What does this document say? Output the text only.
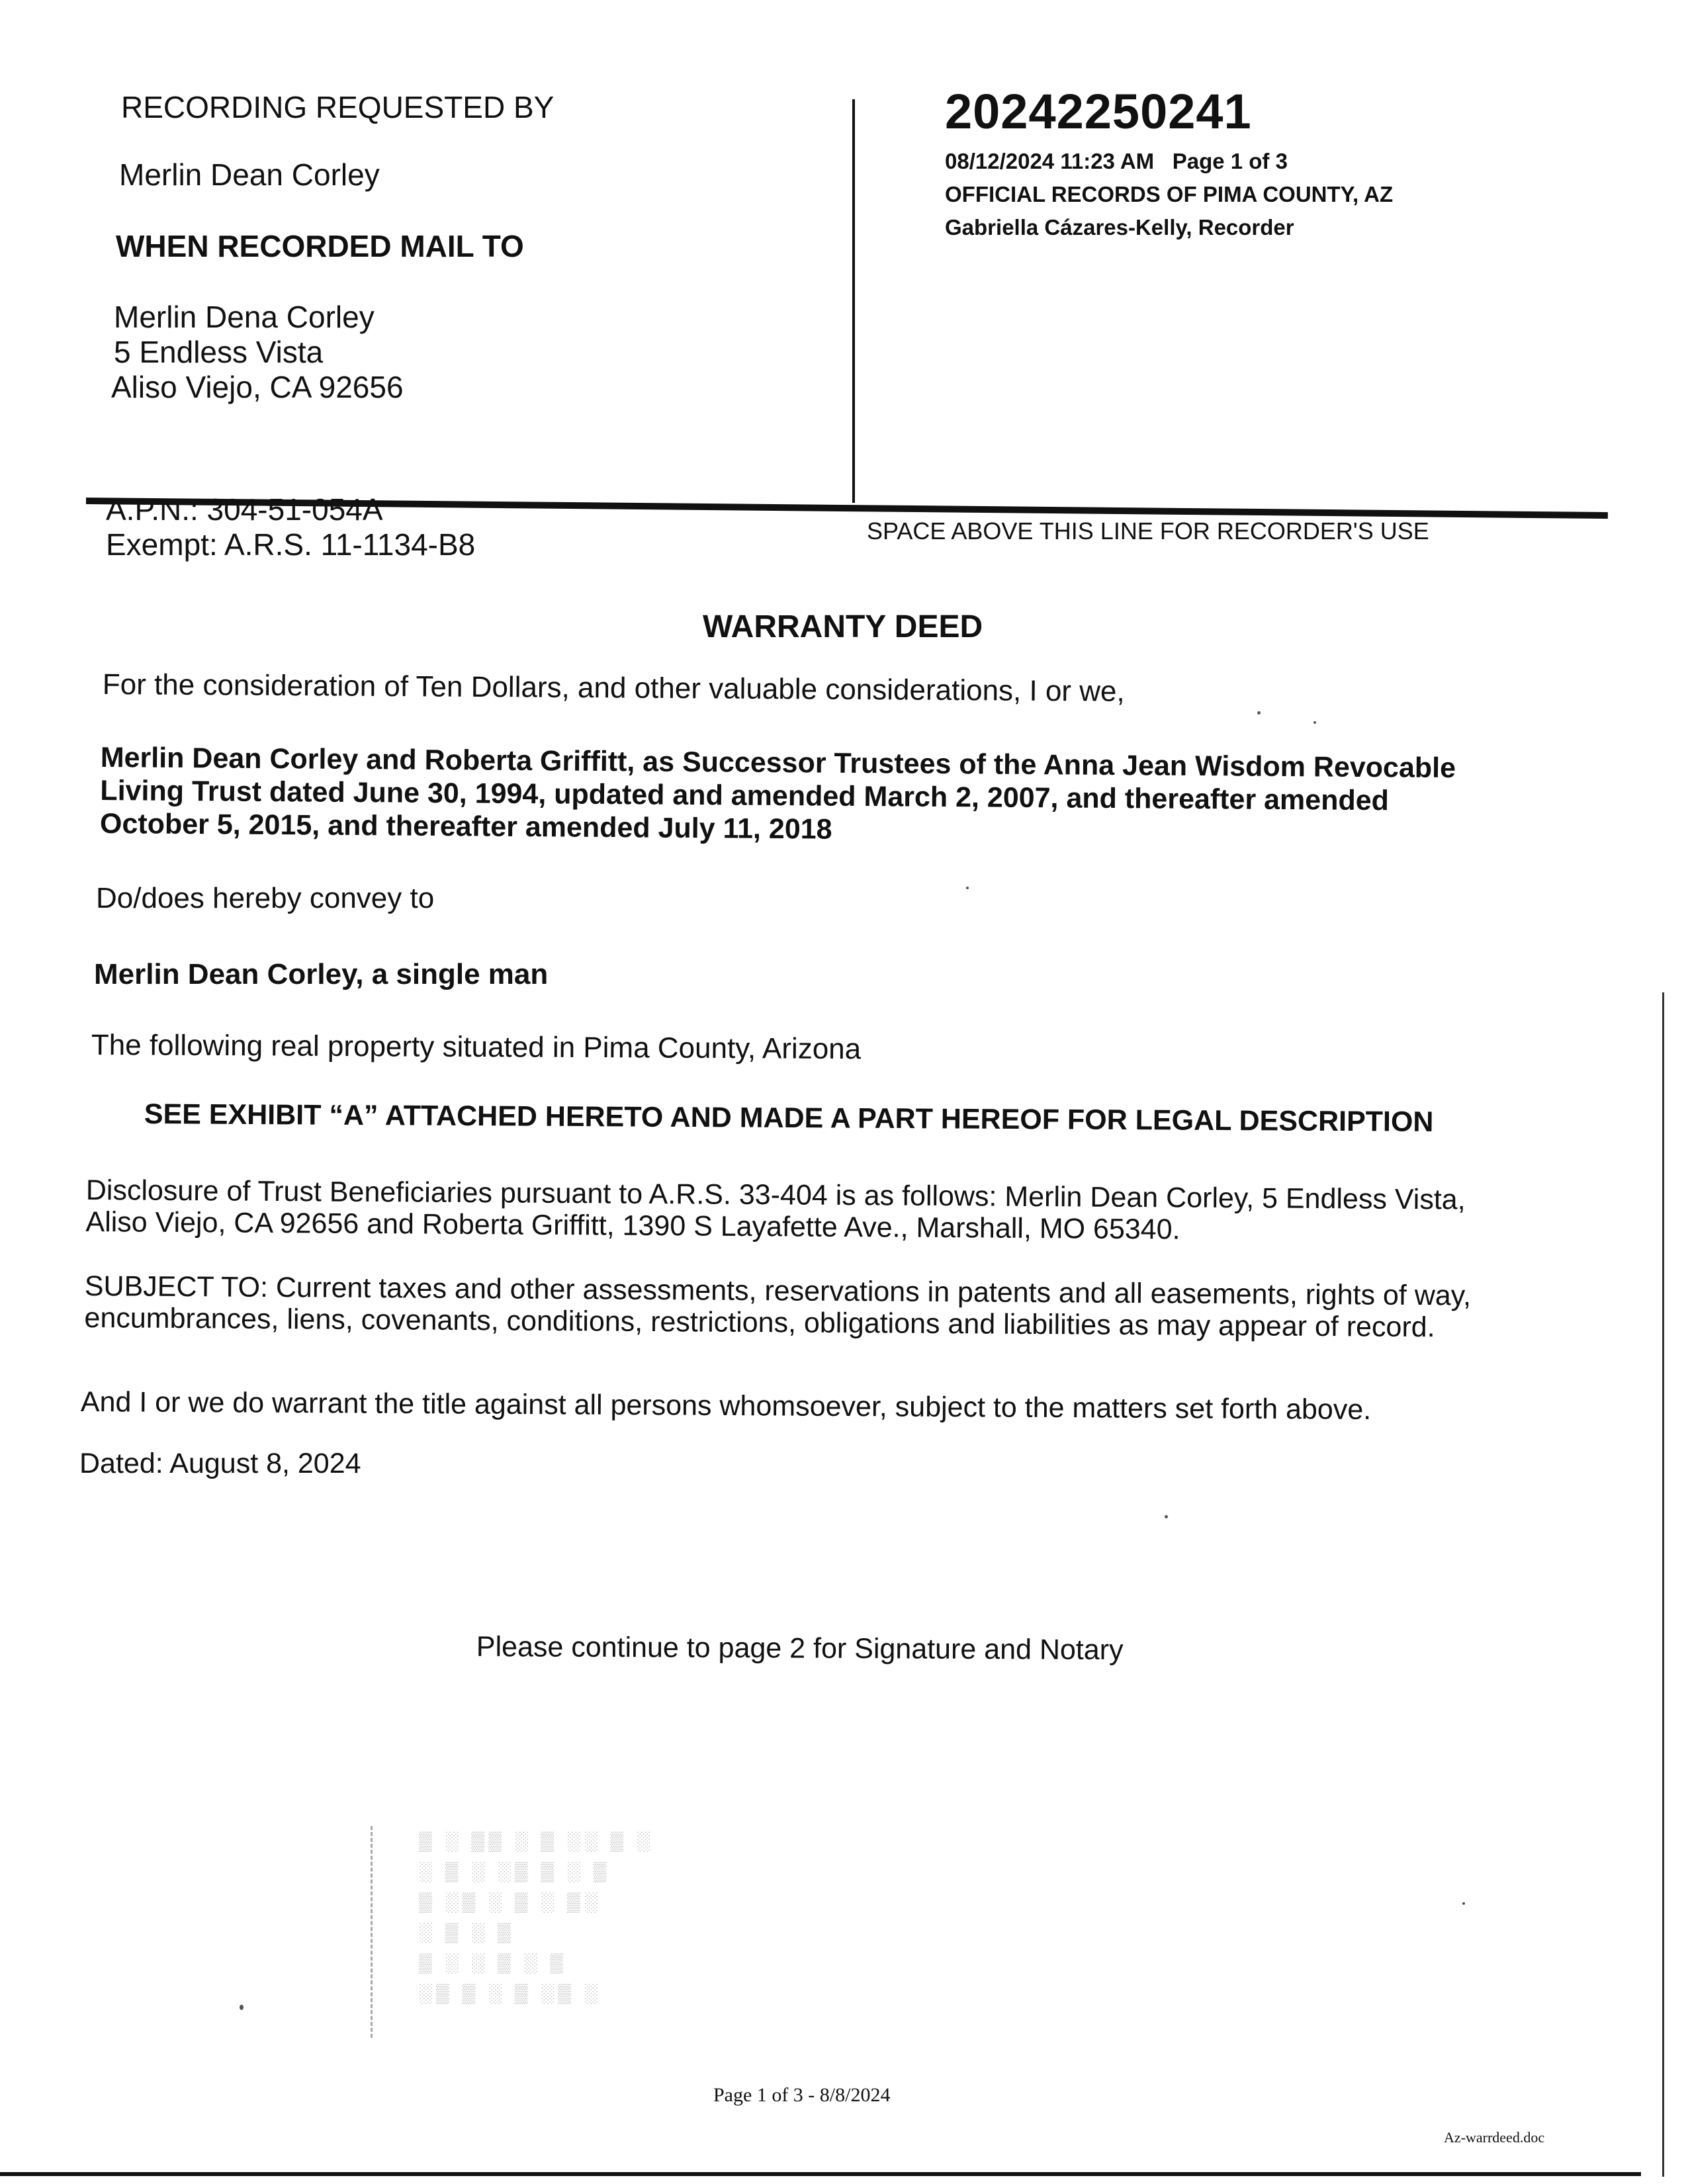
RECORDING REQUESTED BY
Merlin Dean Corley
WHEN RECORDED MAIL TO
Merlin Dena Corley
5 Endless Vista
Aliso Viejo, CA 92656
20242250241
08/12/2024 11:23 AM Page 1 of 3
OFFICIAL RECORDS OF PIMA COUNTY, AZ
Gabriella Cázares-Kelly, Recorder
A.P.N.: 304-51-054A
Exempt: A.R.S. 11-1134-B8	SPACE ABOVE THIS LINE FOR RECORDER'S USE
WARRANTY DEED
For the consideration of Ten Dollars, and other valuable considerations, I or we,
Merlin Dean Corley and Roberta Griffitt, as Successor Trustees of the Anna Jean Wisdom Revocable
Living Trust dated June 30, 1994, updated and amended March 2, 2007, and thereafter amended
October 5, 2015, and thereafter amended July 11, 2018
Do/does hereby convey to
Merlin Dean Corley, a single man
The following real property situated in Pima County, Arizona
SEE EXHIBIT “A” ATTACHED HERETO AND MADE A PART HEREOF FOR LEGAL DESCRIPTION
Disclosure of Trust Beneficiaries pursuant to A.R.S. 33-404 is as follows: Merlin Dean Corley, 5 Endless Vista,
Aliso Viejo, CA 92656 and Roberta Griffitt, 1390 S Layafette Ave., Marshall, MO 65340.
SUBJECT TO: Current taxes and other assessments, reservations in patents and all easements, rights of way,
encumbrances, liens, covenants, conditions, restrictions, obligations and liabilities as may appear of record.
And I or we do warrant the title against all persons whomsoever, subject to the matters set forth above.
Dated: August 8, 2024
Please continue to page 2 for Signature and Notary
▒ ░ ▒▒ ░ ▒ ░░ ▒ ░
░ ▒ ░ ░▒ ▒ ░ ▒
▒ ░▒ ░ ▒ ░ ▒░
░ ▒ ░ ▒
▒ ░ ░ ▒ ░ ▒
░▒ ▒ ░ ▒ ░▒ ░
Page 1 of 3 - 8/8/2024
Az-warrdeed.doc
